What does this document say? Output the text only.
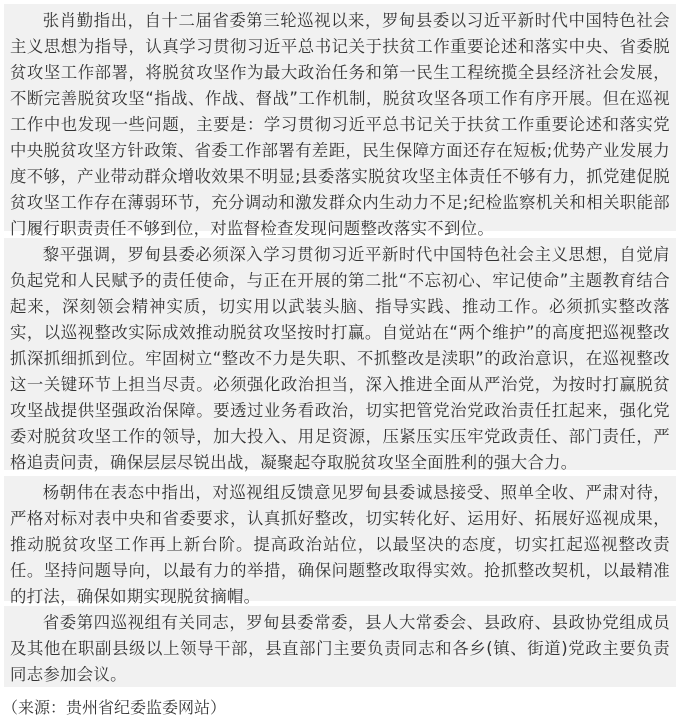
张肖勤指出，自十二届省委第三轮巡视以来，罗甸县委以习近平新时代中国特色社会主义思想为指导，认真学习贯彻习近平总书记关于扶贫工作重要论述和落实中央、省委脱贫攻坚工作部署，将脱贫攻坚作为最大政治任务和第一民生工程统揽全县经济社会发展，不断完善脱贫攻坚“指战、作战、督战”工作机制，脱贫攻坚各项工作有序开展。但在巡视工作中也发现一些问题，主要是：学习贯彻习近平总书记关于扶贫工作重要论述和落实党中央脱贫攻坚方针政策、省委工作部署有差距，民生保障方面还存在短板;优势产业发展力度不够，产业带动群众增收效果不明显;县委落实脱贫攻坚主体责任不够有力，抓党建促脱贫攻坚工作存在薄弱环节，充分调动和激发群众内生动力不足;纪检监察机关和相关职能部门履行职责责任不够到位，对监督检查发现问题整改落实不到位。
黎平强调，罗甸县委必须深入学习贯彻习近平新时代中国特色社会主义思想，自觉肩负起党和人民赋予的责任使命，与正在开展的第二批“不忘初心、牢记使命”主题教育结合起来，深刻领会精神实质，切实用以武装头脑、指导实践、推动工作。必须抓实整改落实，以巡视整改实际成效推动脱贫攻坚按时打赢。自觉站在“两个维护”的高度把巡视整改抓深抓细抓到位。牢固树立“整改不力是失职、不抓整改是渎职”的政治意识，在巡视整改这一关键环节上担当尽责。必须强化政治担当，深入推进全面从严治党，为按时打赢脱贫攻坚战提供坚强政治保障。要透过业务看政治，切实把管党治党政治责任扛起来，强化党委对脱贫攻坚工作的领导，加大投入、用足资源，压紧压实压牢党政责任、部门责任，严格追责问责，确保层层尽锐出战，凝聚起夺取脱贫攻坚全面胜利的强大合力。
杨朝伟在表态中指出，对巡视组反馈意见罗甸县委诚恳接受、照单全收、严肃对待，严格对标对表中央和省委要求，认真抓好整改，切实转化好、运用好、拓展好巡视成果，推动脱贫攻坚工作再上新台阶。提高政治站位，以最坚决的态度，切实扛起巡视整改责任。坚持问题导向，以最有力的举措，确保问题整改取得实效。抢抓整改契机，以最精准的打法，确保如期实现脱贫摘帽。
省委第四巡视组有关同志，罗甸县委常委，县人大常委会、县政府、县政协党组成员及其他在职副县级以上领导干部，县直部门主要负责同志和各乡(镇、街道)党政主要负责同志参加会议。
（来源：贵州省纪委监委网站）
